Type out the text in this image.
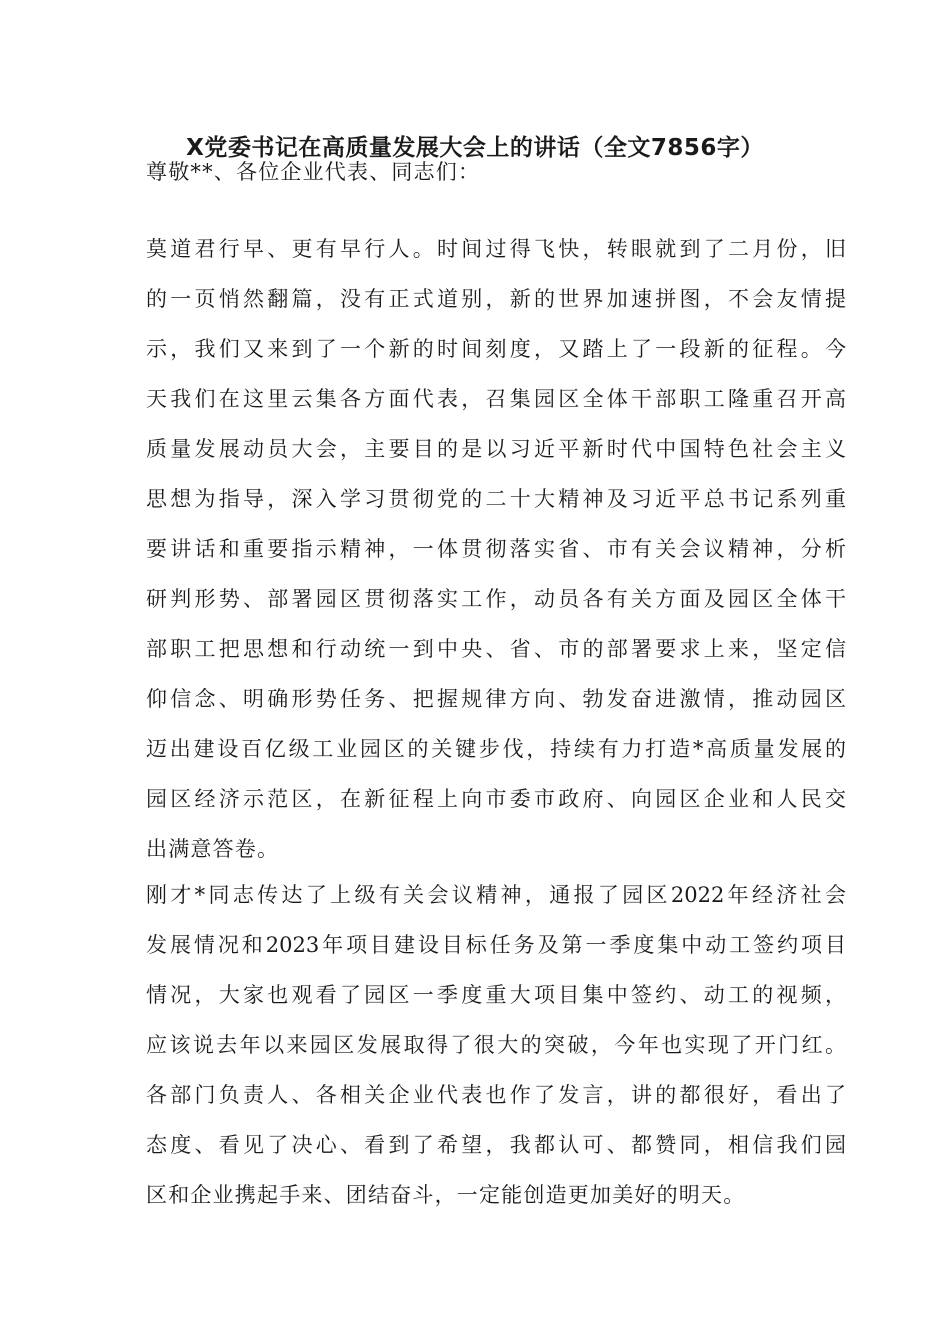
X党委书记在高质量发展大会上的讲话（全文7856字）
尊敬**、各位企业代表、同志们：
莫道君行早、更有早行人。时间过得飞快，转眼就到了二月份，旧
的一页悄然翻篇，没有正式道别，新的世界加速拼图，不会友情提
示，我们又来到了一个新的时间刻度，又踏上了一段新的征程。今
天我们在这里云集各方面代表，召集园区全体干部职工隆重召开高
质量发展动员大会，主要目的是以习近平新时代中国特色社会主义
思想为指导，深入学习贯彻党的二十大精神及习近平总书记系列重
要讲话和重要指示精神，一体贯彻落实省、市有关会议精神，分析
研判形势、部署园区贯彻落实工作，动员各有关方面及园区全体干
部职工把思想和行动统一到中央、省、市的部署要求上来，坚定信
仰信念、明确形势任务、把握规律方向、勃发奋进激情，推动园区
迈出建设百亿级工业园区的关键步伐，持续有力打造*高质量发展的
园区经济示范区，在新征程上向市委市政府、向园区企业和人民交
出满意答卷。
刚才*同志传达了上级有关会议精神，通报了园区2022年经济社会
发展情况和2023年项目建设目标任务及第一季度集中动工签约项目
情况，大家也观看了园区一季度重大项目集中签约、动工的视频，
应该说去年以来园区发展取得了很大的突破，今年也实现了开门红。
各部门负责人、各相关企业代表也作了发言，讲的都很好，看出了
态度、看见了决心、看到了希望，我都认可、都赞同，相信我们园
区和企业携起手来、团结奋斗，一定能创造更加美好的明天。
